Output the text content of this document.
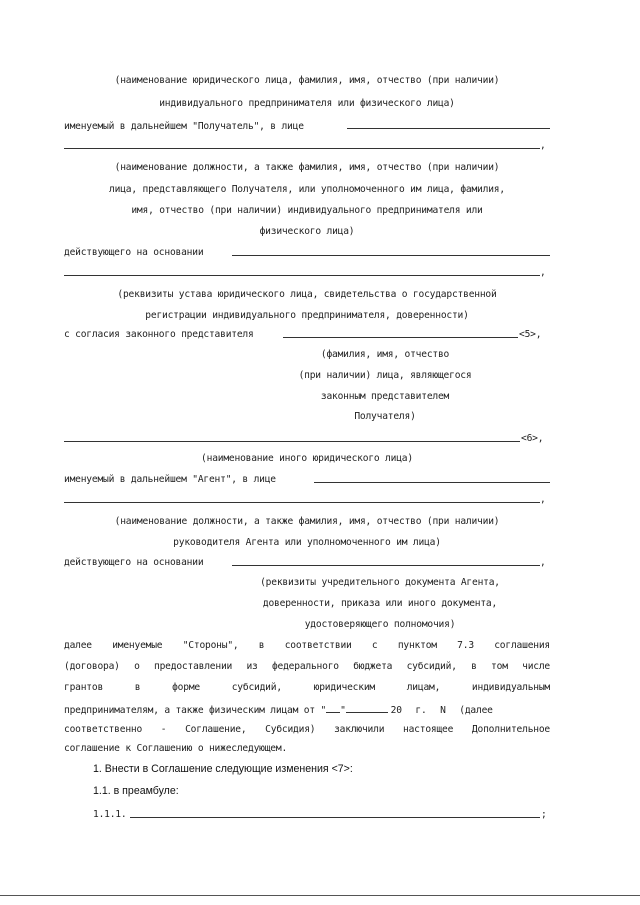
(наименование юридического лица, фамилия, имя, отчество (при наличии)
индивидуального предпринимателя или физического лица)
именуемый в дальнейшем "Получатель", в лице
,
(наименование должности, а также фамилия, имя, отчество (при наличии)
лица, представляющего Получателя, или уполномоченного им лица, фамилия,
имя, отчество (при наличии) индивидуального предпринимателя или
физического лица)
действующего на основании
,
(реквизиты устава юридического лица, свидетельства о государственной
регистрации индивидуального предпринимателя, доверенности)
с согласия законного представителя	<5>,
(фамилия, имя, отчество
(при наличии) лица, являющегося
законным представителем
Получателя)
<6>,
(наименование иного юридического лица)
именуемый в дальнейшем "Агент", в лице
,
(наименование должности, а также фамилия, имя, отчество (при наличии)
руководителя Агента или уполномоченного им лица)
действующего на основании	,
(реквизиты учредительного документа Агента,
доверенности, приказа или иного документа,
удостоверяющего полномочия)
далее именуемые "Стороны", в соответствии с пунктом 7.3 соглашения
(договора) о предоставлении из федерального бюджета субсидий, в том числе
грантов в форме субсидий, юридическим лицам, индивидуальным
предпринимателям, а также физическим лицам от " "	20 г. N (далее
соответственно - Соглашение, Субсидия) заключили настоящее Дополнительное
соглашение к Соглашению о нижеследующем.
1. Внести в Соглашение следующие изменения <7>:
1.1. в преамбуле:
1.1.1.	;
